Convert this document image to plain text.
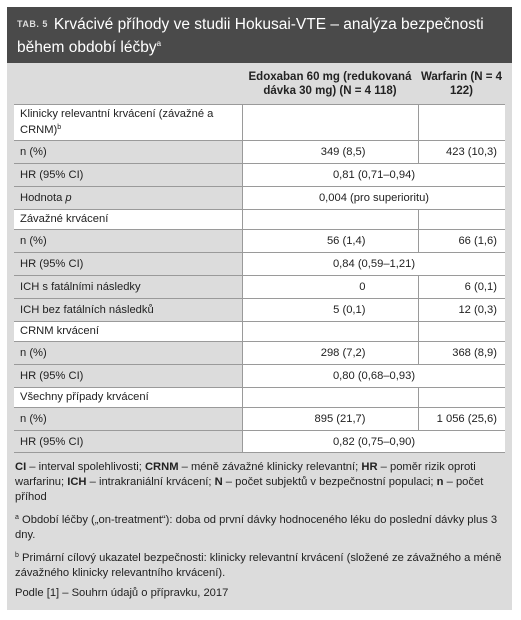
TAB. 5 Krvácivé příhody ve studii Hokusai-VTE – analýza bezpečnosti během období léčby$^a$
	Edoxaban 60 mg (redukovaná dávka 30 mg) (N = 4 118)	Warfarin (N = 4 122)
Klinicky relevantní krvácení (závažné a CRNM)$^b$		
n (%)	349 (8,5)	423 (10,3)
HR (95% CI)	0,81 (0,71–0,94)	
Hodnota p	0,004 (pro superioritu)	
Závažné krvácení		
n (%)	56 (1,4)	66 (1,6)
HR (95% CI)	0,84 (0,59–1,21)	
ICH s fatálními následky	0	6 (0,1)
ICH bez fatálních následků	5 (0,1)	12 (0,3)
CRNM krvácení		
n (%)	298 (7,2)	368 (8,9)
HR (95% CI)	0,80 (0,68–0,93)	
Všechny případy krvácení		
n (%)	895 (21,7)	1 056 (25,6)
HR (95% CI)	0,82 (0,75–0,90)	

CI – interval spolehlivosti; CRNM – méně závažné klinicky relevantní; HR – poměr rizik oproti warfarinu; ICH – intrakraniální krvácení; N – počet subjektů v bezpečnostní populaci; n – počet příhod

$^a$ Období léčby („on-treatment“): doba od první dávky hodnoceného léku do poslední dávky plus 3 dny.

$^b$ Primární cílový ukazatel bezpečnosti: klinicky relevantní krvácení (složené ze závažného a méně závažného klinicky relevantního krvácení).

Podle [1] – Souhrn údajů o přípravku, 2017
